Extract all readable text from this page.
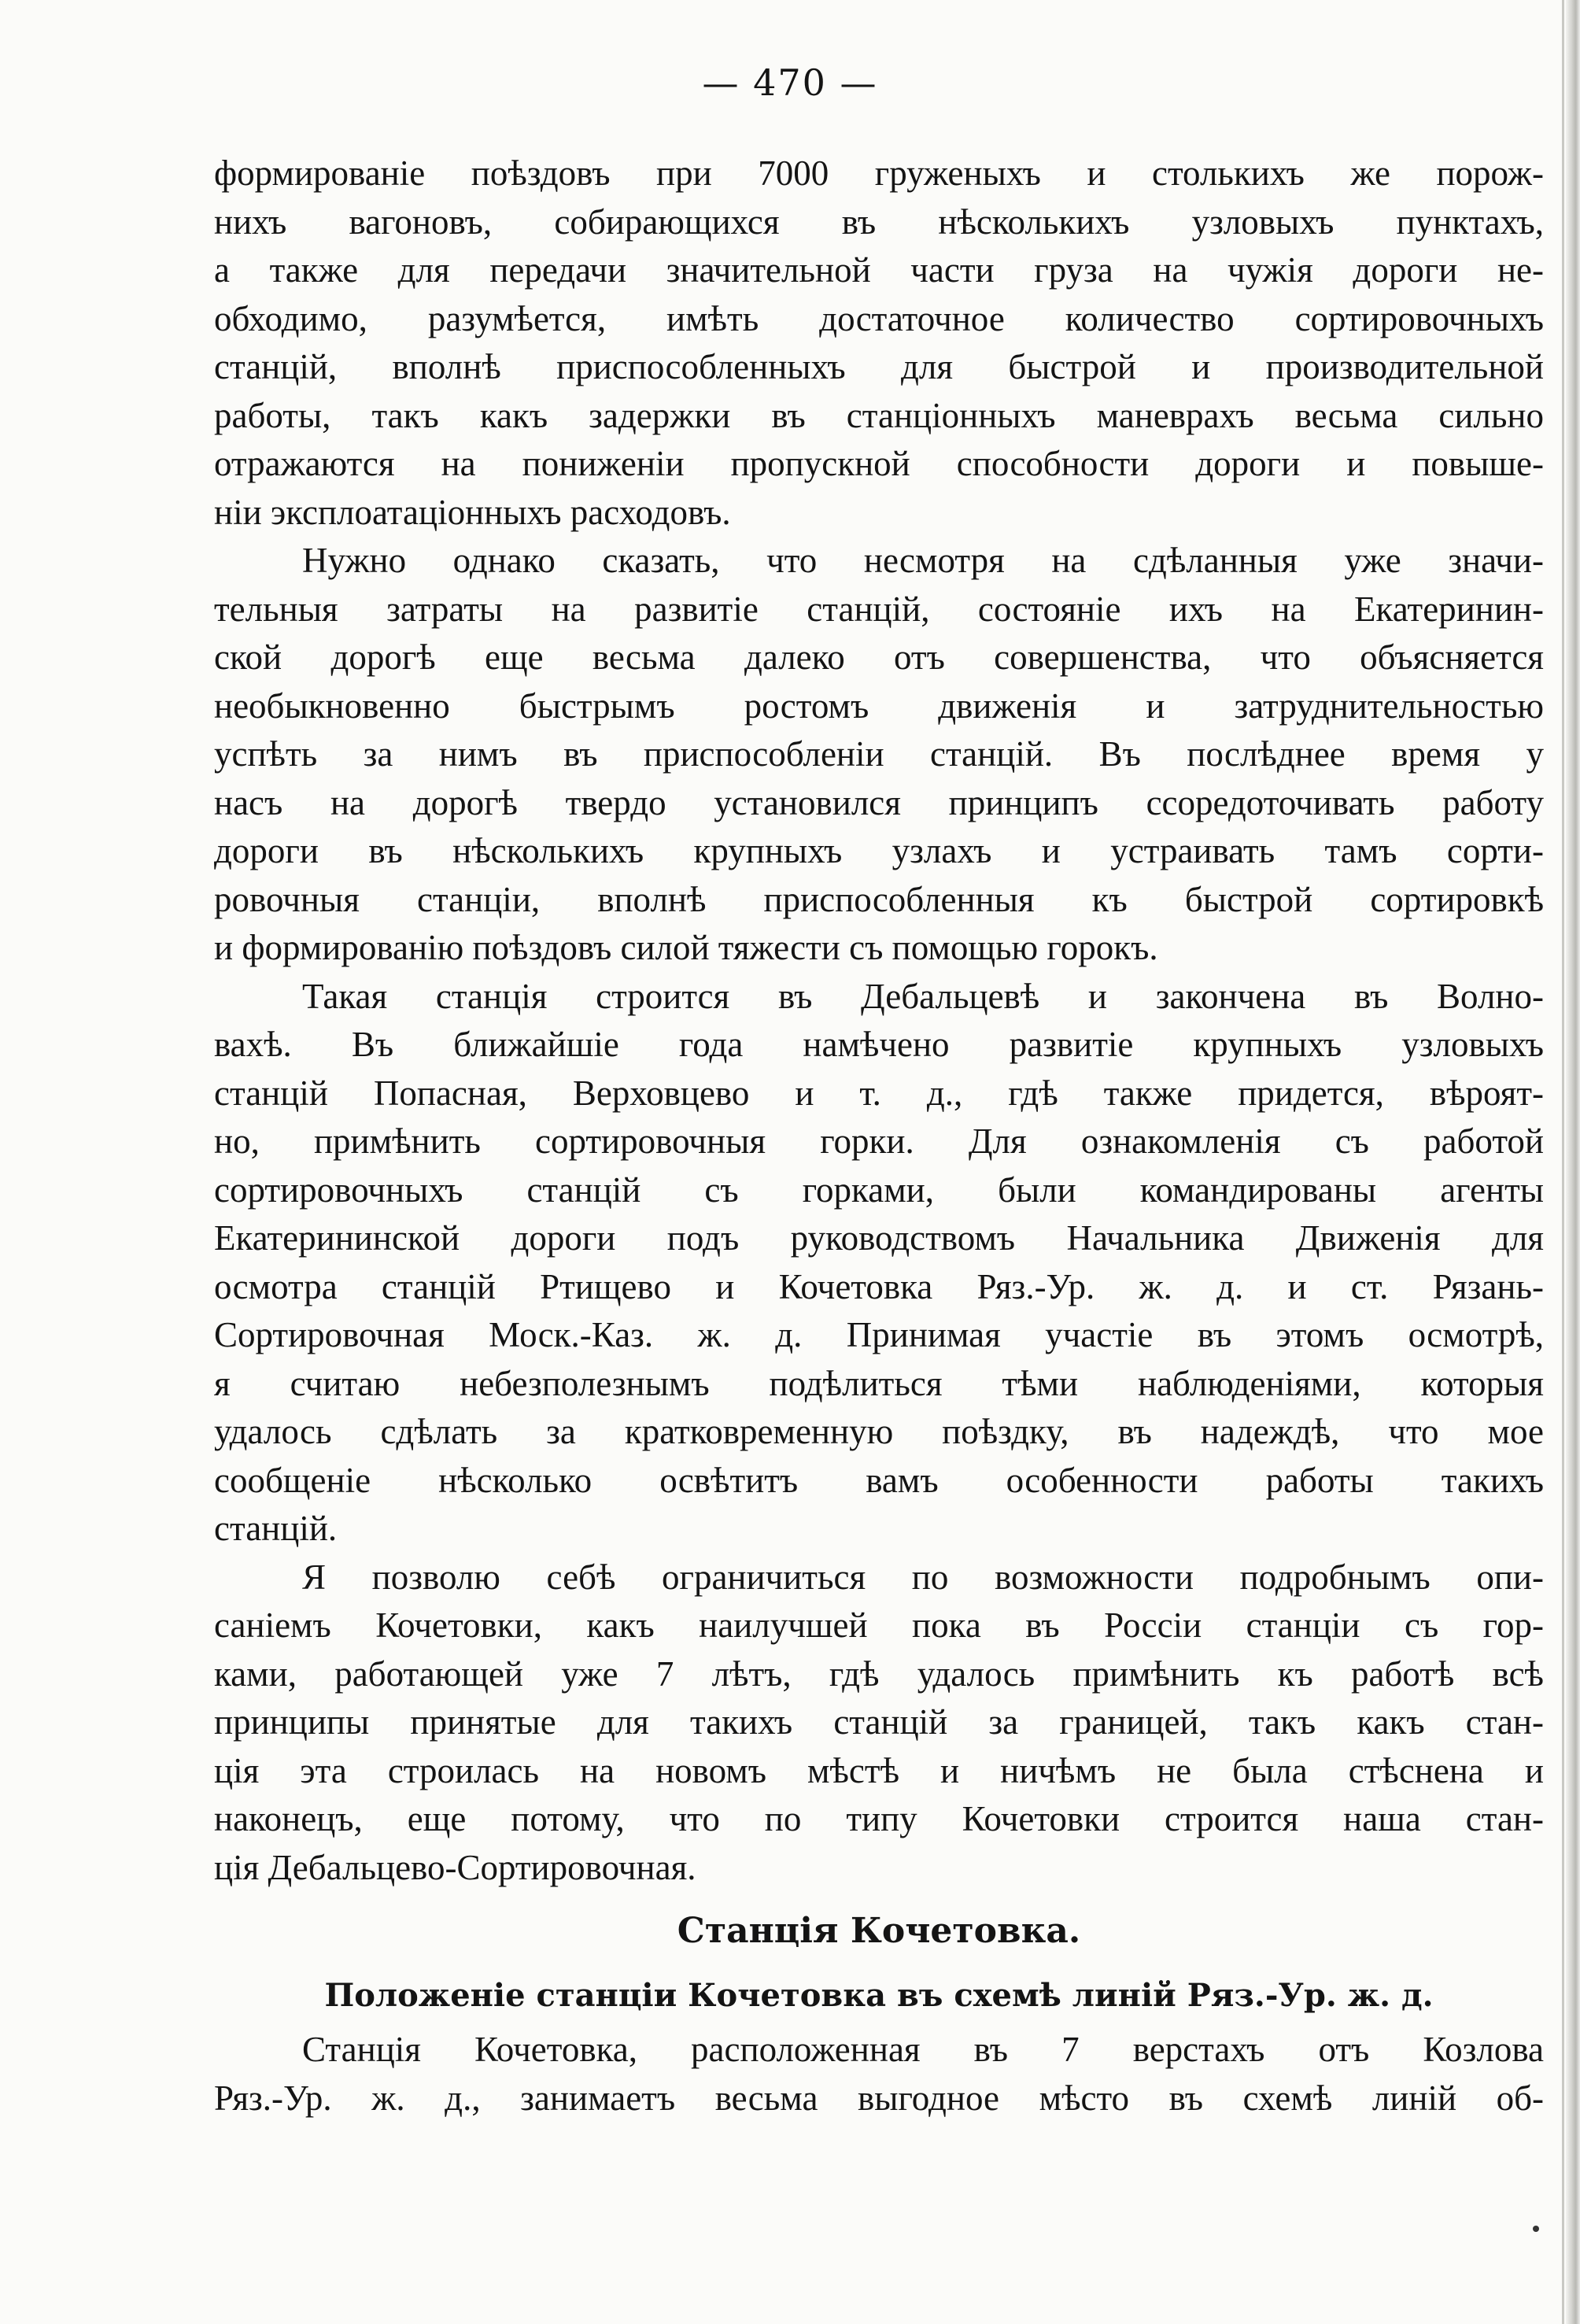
— 470 —
формированіе поѣздовъ при 7000 груженыхъ и столькихъ же порож-
нихъ вагоновъ, собирающихся въ нѣсколькихъ узловыхъ пунктахъ,
а также для передачи значительной части груза на чужія дороги не-
обходимо, разумѣется, имѣть достаточное количество сортировочныхъ
станцій, вполнѣ приспособленныхъ для быстрой и производительной
работы, такъ какъ задержки въ станціонныхъ маневрахъ весьма сильно
отражаются на пониженіи пропускной способности дороги и повыше-
ніи эксплоатаціонныхъ расходовъ.
Нужно однако сказать, что несмотря на сдѣланныя уже значи-
тельныя затраты на развитіе станцій, состояніе ихъ на Екатеринин-
ской дорогѣ еще весьма далеко отъ совершенства, что объясняется
необыкновенно быстрымъ ростомъ движенія и затруднительностью
успѣть за нимъ въ приспособленіи станцій. Въ послѣднее время у
насъ на дорогѣ твердо установился принципъ ссоредоточивать работу
дороги въ нѣсколькихъ крупныхъ узлахъ и устраивать тамъ сорти-
ровочныя станціи, вполнѣ приспособленныя къ быстрой сортировкѣ
и формированію поѣздовъ силой тяжести съ помощью горокъ.
Такая станція строится въ Дебальцевѣ и закончена въ Волно-
вахѣ. Въ ближайшіе года намѣчено развитіе крупныхъ узловыхъ
станцій Попасная, Верховцево и т. д., гдѣ также придется, вѣроят-
но, примѣнить сортировочныя горки. Для ознакомленія съ работой
сортировочныхъ станцій съ горками, были командированы агенты
Екатерининской дороги подъ руководствомъ Начальника Движенія для
осмотра станцій Ртищево и Кочетовка Ряз.-Ур. ж. д. и ст. Рязань-
Сортировочная Моск.-Каз. ж. д. Принимая участіе въ этомъ осмотрѣ,
я считаю небезполезнымъ подѣлиться тѣми наблюденіями, которыя
удалось сдѣлать за кратковременную поѣздку, въ надеждѣ, что мое
сообщеніе нѣсколько освѣтитъ вамъ особенности работы такихъ
станцій.
Я позволю себѣ ограничиться по возможности подробнымъ опи-
саніемъ Кочетовки, какъ наилучшей пока въ Россіи станціи съ гор-
ками, работающей уже 7 лѣтъ, гдѣ удалось примѣнить къ работѣ всѣ
принципы принятые для такихъ станцій за границей, такъ какъ стан-
ція эта строилась на новомъ мѣстѣ и ничѣмъ не была стѣснена и
наконецъ, еще потому, что по типу Кочетовки строится наша стан-
ція Дебальцево-Сортировочная.
Станція Кочетовка.
Положеніе станціи Кочетовка въ схемѣ линій Ряз.-Ур. ж. д.
Станція Кочетовка, расположенная въ 7 верстахъ отъ Козлова
Ряз.-Ур. ж. д., занимаетъ весьма выгодное мѣсто въ схемѣ линій об-
